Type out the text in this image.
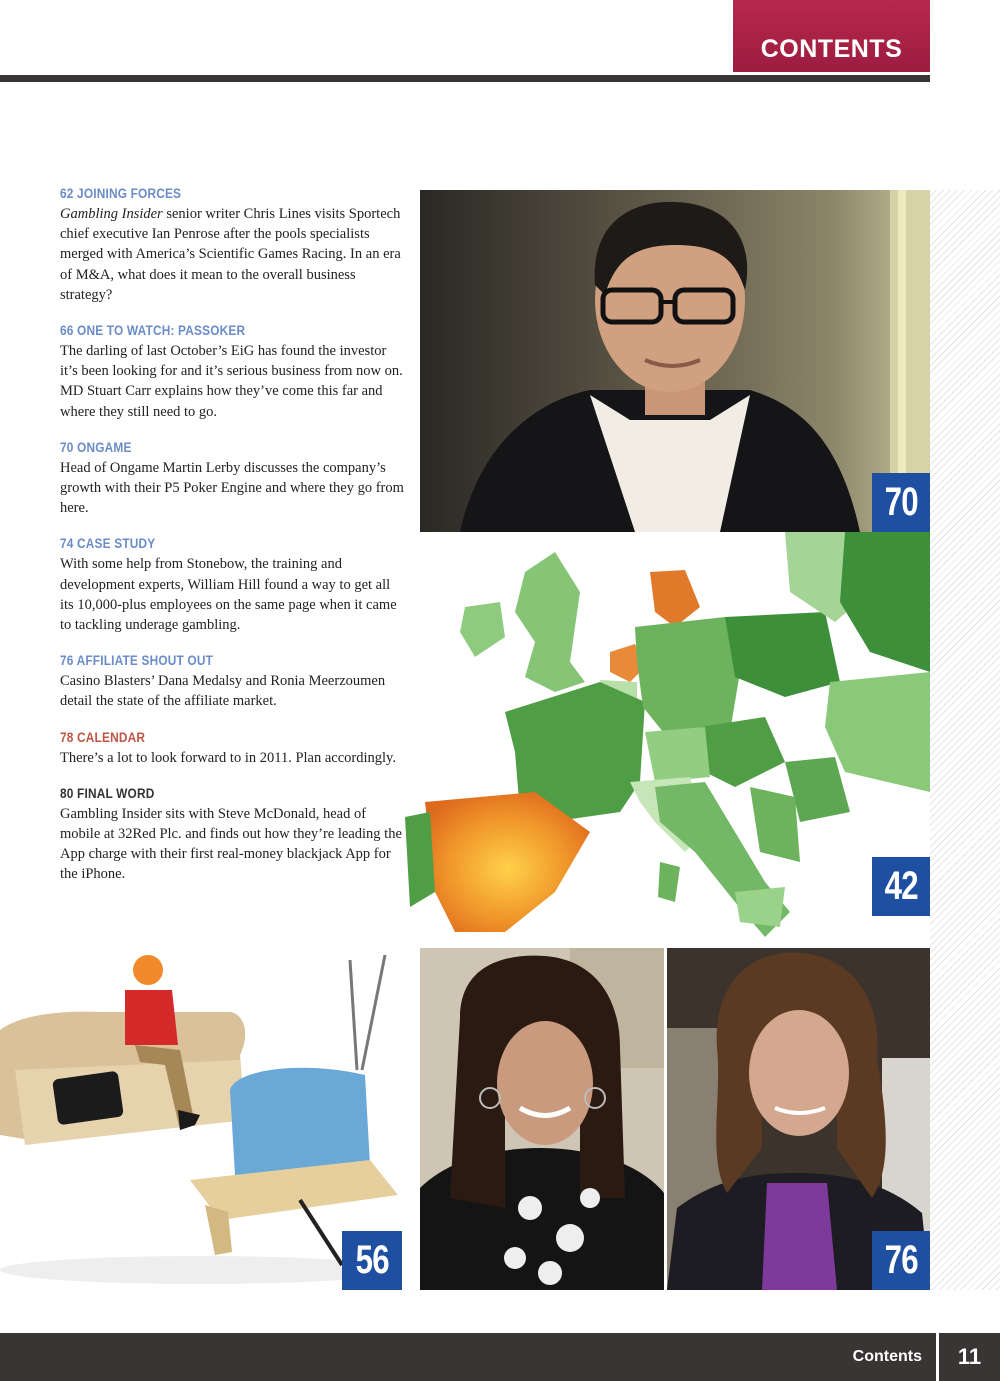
CONTENTS
62 JOINING FORCES
Gambling Insider senior writer Chris Lines visits Sportech chief executive Ian Penrose after the pools specialists merged with America’s Scientific Games Racing. In an era of M&A, what does it mean to the overall business strategy?
66 ONE TO WATCH: PASSOKER
The darling of last October’s EiG has found the investor it’s been looking for and it’s serious business from now on. MD Stuart Carr explains how they’ve come this far and where they still need to go.
70 ONGAME
Head of Ongame Martin Lerby discusses the company’s growth with their P5 Poker Engine and where they go from here.
74 CASE STUDY
With some help from Stonebow, the training and development experts, William Hill found a way to get all its 10,000-plus employees on the same page when it came to tackling underage gambling.
76 AFFILIATE SHOUT OUT
Casino Blasters’ Dana Medalsy and Ronia Meerzoumen detail the state of the affiliate market.
78 CALENDAR
There’s a lot to look forward to in 2011. Plan accordingly.
80 FINAL WORD
Gambling Insider sits with Steve McDonald, head of mobile at 32Red Plc. and finds out how they’re leading the App charge with their first real-money blackjack App for the iPhone.
70
42
56	76
Contents	11
